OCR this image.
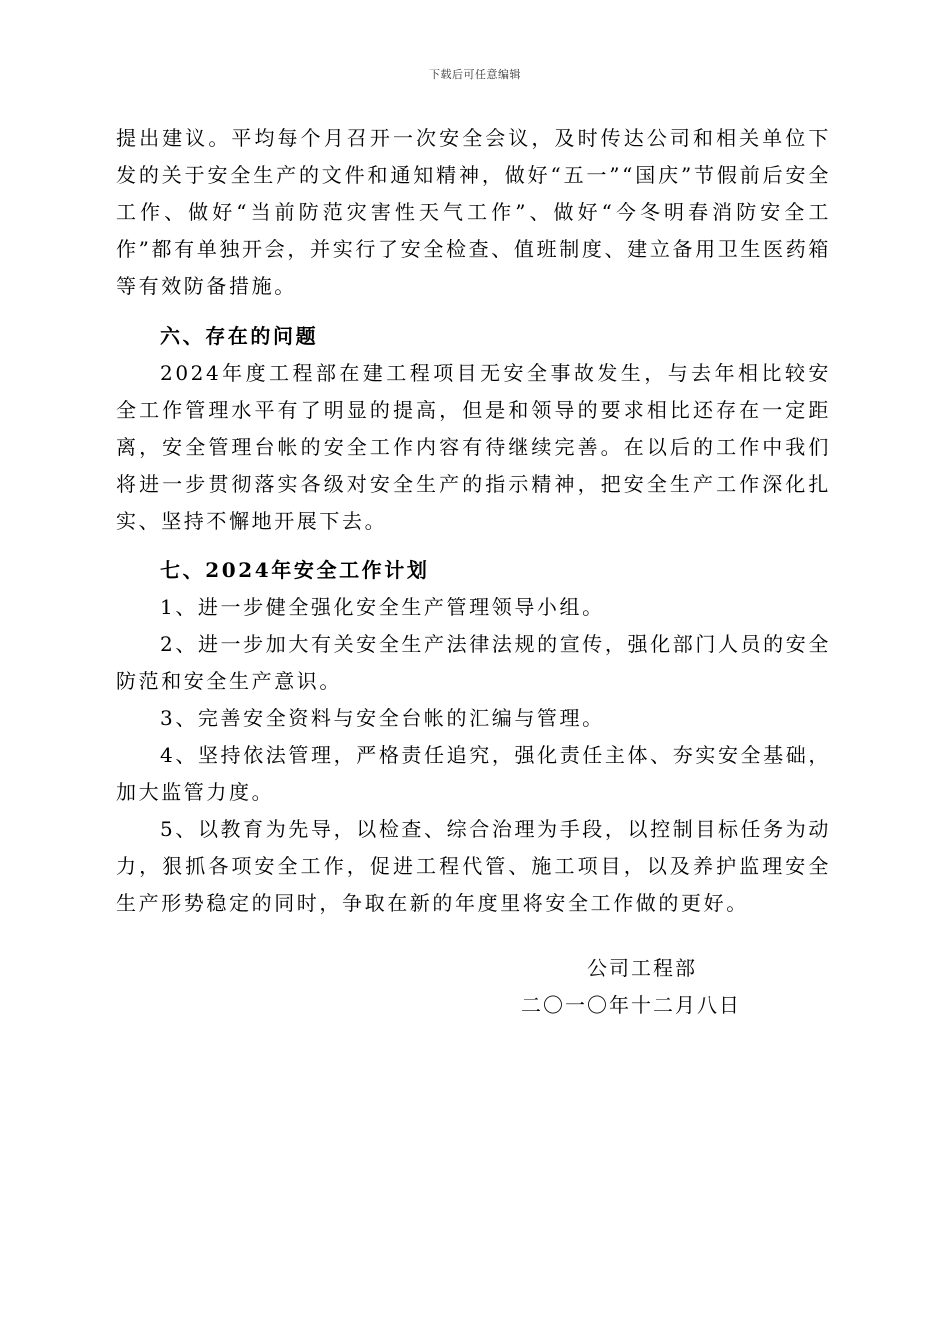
下载后可任意编辑

提出建议。平均每个月召开一次安全会议，及时传达公司和相关单位下发的关于安全生产的文件和通知精神，做好“五一”“国庆”节假前后安全工作、做好“当前防范灾害性天气工作”、做好“今冬明春消防安全工作”都有单独开会，并实行了安全检查、值班制度、建立备用卫生医药箱等有效防备措施。

六、存在的问题

2024年度工程部在建工程项目无安全事故发生，与去年相比较安全工作管理水平有了明显的提高，但是和领导的要求相比还存在一定距离，安全管理台帐的安全工作内容有待继续完善。在以后的工作中我们将进一步贯彻落实各级对安全生产的指示精神，把安全生产工作深化扎实、坚持不懈地开展下去。

七、2024年安全工作计划

1、进一步健全强化安全生产管理领导小组。

2、进一步加大有关安全生产法律法规的宣传，强化部门人员的安全防范和安全生产意识。

3、完善安全资料与安全台帐的汇编与管理。

4、坚持依法管理，严格责任追究，强化责任主体、夯实安全基础，加大监管力度。

5、以教育为先导，以检查、综合治理为手段，以控制目标任务为动力，狠抓各项安全工作，促进工程代管、施工项目，以及养护监理安全生产形势稳定的同时，争取在新的年度里将安全工作做的更好。

公司工程部
二〇一〇年十二月八日
